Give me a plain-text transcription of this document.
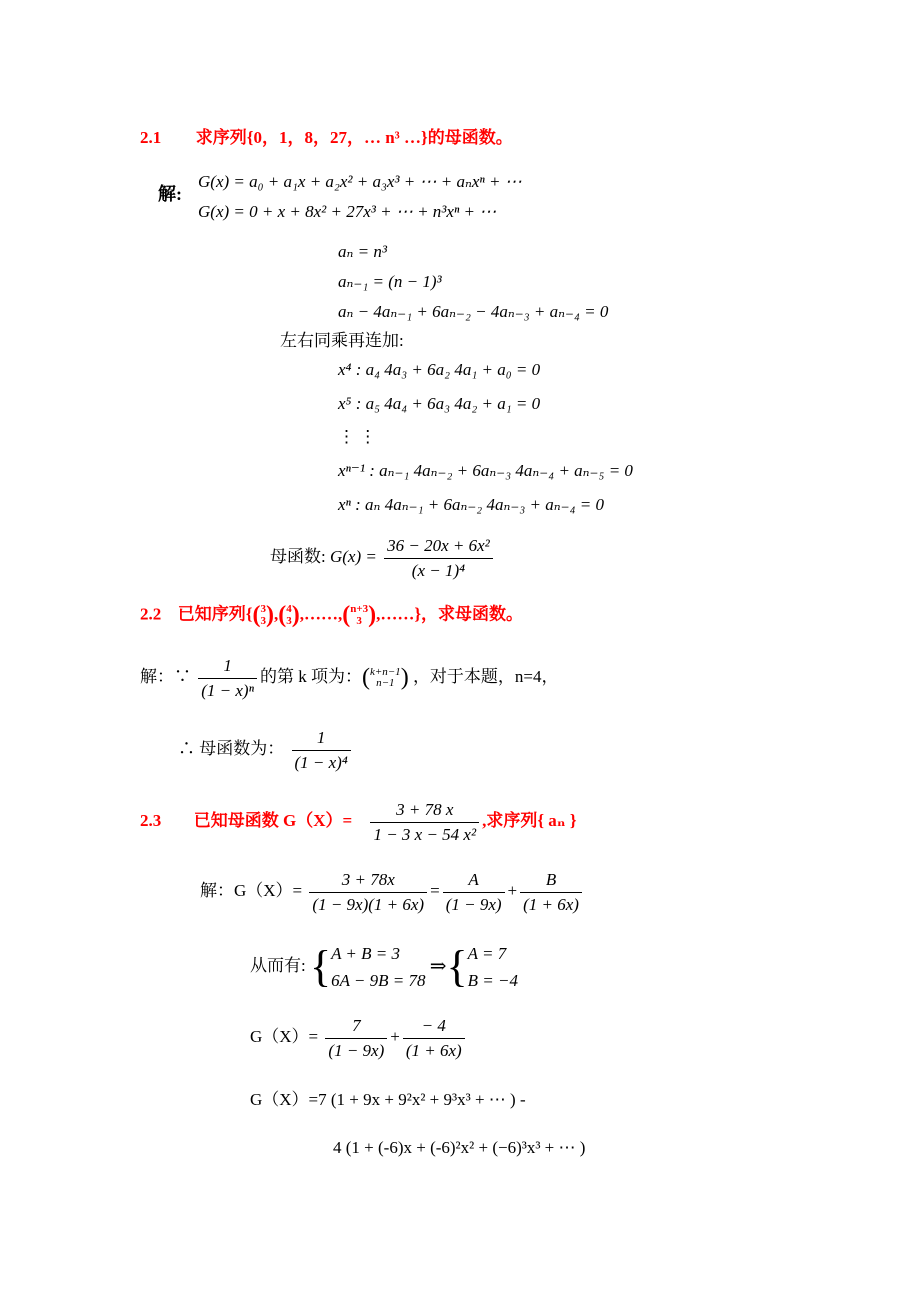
2.1 求序列{0，1，8，27，… n³ …}的母函数。
解:
G(x) = a₀ + a₁x + a₂x² + a₃x³ + ⋯ + aₙxⁿ + ⋯
G(x) = 0 + x + 8x² + 27x³ + ⋯ + n³xⁿ + ⋯
aₙ = n³
aₙ₋₁ = (n − 1)³
aₙ − 4aₙ₋₁ + 6aₙ₋₂ − 4aₙ₋₃ + aₙ₋₄ = 0
左右同乘再连加:
x⁴ : a₄ 4a₃ + 6a₂ 4a₁ + a₀ = 0
x⁵ : a₅ 4a₄ + 6a₃ 4a₂ + a₁ = 0
⋮ ⋮
xⁿ⁻¹ : aₙ₋₁ 4aₙ₋₂ + 6aₙ₋₃ 4aₙ₋₄ + aₙ₋₅ = 0
xⁿ : aₙ 4aₙ₋₁ + 6aₙ₋₂ 4aₙ₋₃ + aₙ₋₄ = 0
母函数: $G(x) = \frac{\text{36 − 20x + 6x²}}{\text{(x − 1)⁴}}$
2.2 已知序列{(3
3),(4
3),……,(n+3
3 ),……}，求母函数。
解：∵ $\frac{1}{\text{(1 − x)ⁿ}}$ 的第 k 项为：(k+n−1
n−1 ) ，对于本题，n=4，
∴ 母函数为： $\frac{1}{\text{(1 − x)⁴}}$
2.3 已知母函数 $G(X)= \frac{3 + 78 x}{\text{1 − 3 x − 54 x²}}$ ,求序列{ aₙ }
解：$G(X)= \frac{3 + 78x}{(1 - 9x)(1 + 6x)} = \frac{A}{(1 - 9x)} + \frac{B}{(1 + 6x)}$
从而有: {A + B = 3
6A − 9B = 78 ⇒{A = 7
B = −4
$G(X)= \frac{7}{(1 - 9x)} + \frac{- 4}{(1 + 6x)}$
G（X）=7 (1 + 9x + 9²x² + 9³x³ + ⋯ ) -
4 (1 + (-6)x + (-6)²x² + (−6)³x³ + ⋯ )
